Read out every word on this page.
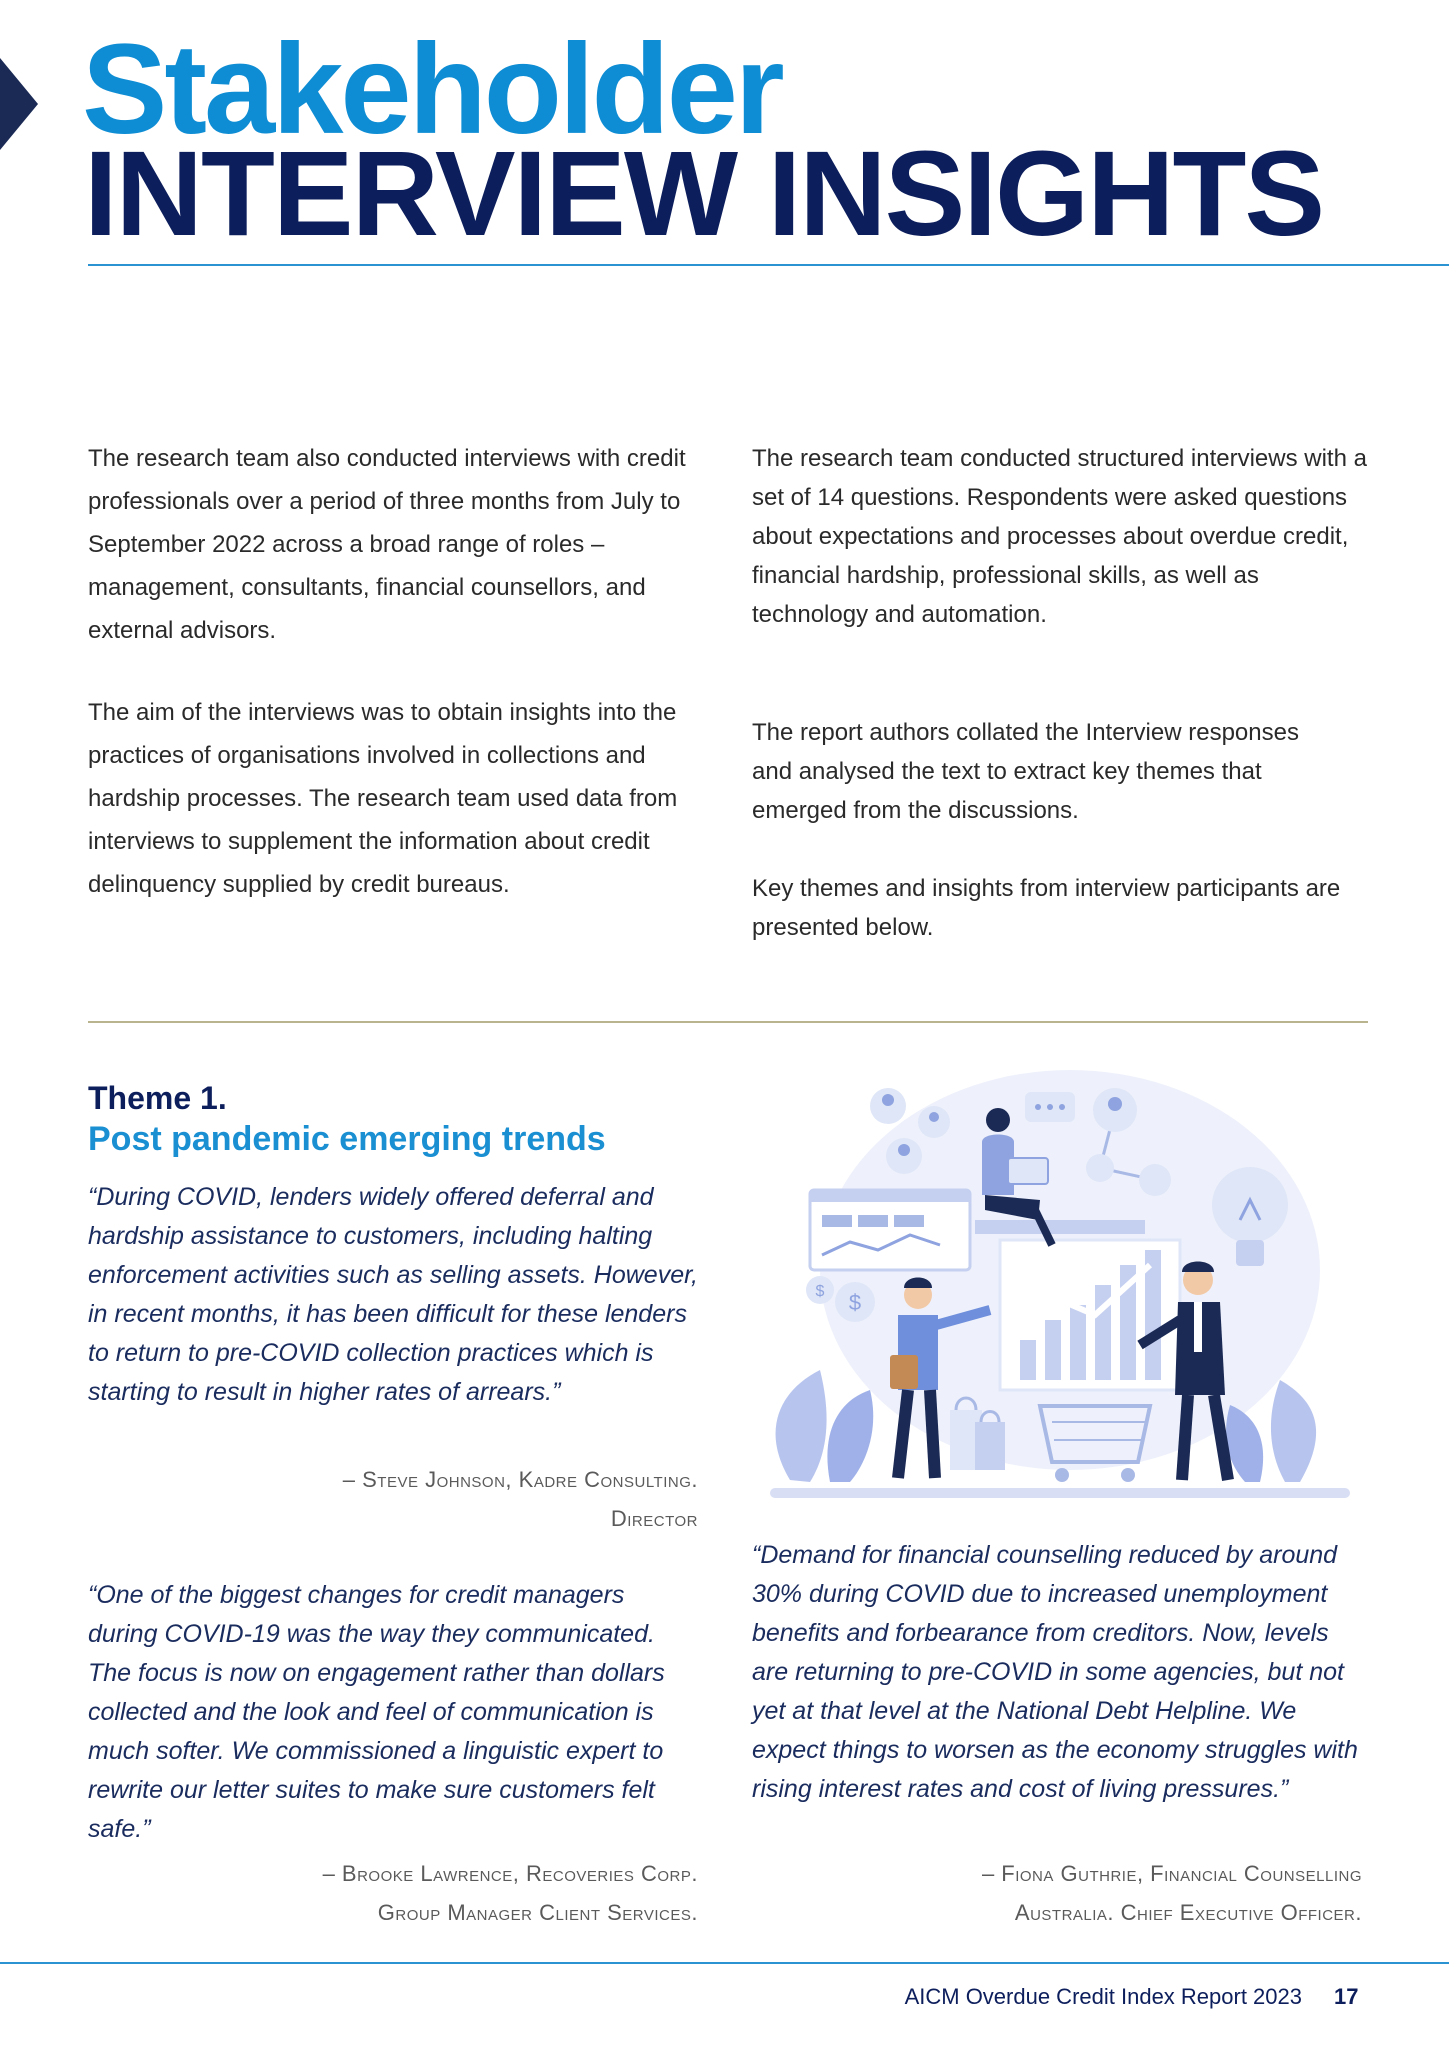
Stakeholder
INTERVIEW INSIGHTS

The research team also conducted interviews with credit professionals over a period of three months from July to September 2022 across a broad range of roles – management, consultants, financial counsellors, and external advisors.

The aim of the interviews was to obtain insights into the practices of organisations involved in collections and hardship processes. The research team used data from interviews to supplement the information about credit delinquency supplied by credit bureaus.

The research team conducted structured interviews with a set of 14 questions. Respondents were asked questions about expectations and processes about overdue credit, financial hardship, professional skills, as well as technology and automation.

The report authors collated the Interview responses and analysed the text to extract key themes that emerged from the discussions.

Key themes and insights from interview participants are presented below.

Theme 1.
Post pandemic emerging trends

“During COVID, lenders widely offered deferral and hardship assistance to customers, including halting enforcement activities such as selling assets. However, in recent months, it has been difficult for these lenders to return to pre-COVID collection practices which is starting to result in higher rates of arrears.”

– Steve Johnson, Kadre Consulting.
Director

“One of the biggest changes for credit managers during COVID-19 was the way they communicated. The focus is now on engagement rather than dollars collected and the look and feel of communication is much softer. We commissioned a linguistic expert to rewrite our letter suites to make sure customers felt safe.”

– Brooke Lawrence, Recoveries Corp.
Group Manager Client Services.

“Demand for financial counselling reduced by around 30% during COVID due to increased unemployment benefits and forbearance from creditors. Now, levels are returning to pre-COVID in some agencies, but not yet at that level at the National Debt Helpline. We expect things to worsen as the economy struggles with rising interest rates and cost of living pressures.”

– Fiona Guthrie, Financial Counselling
Australia. Chief Executive Officer.
$ $
AICM Overdue Credit Index Report 2023 17
